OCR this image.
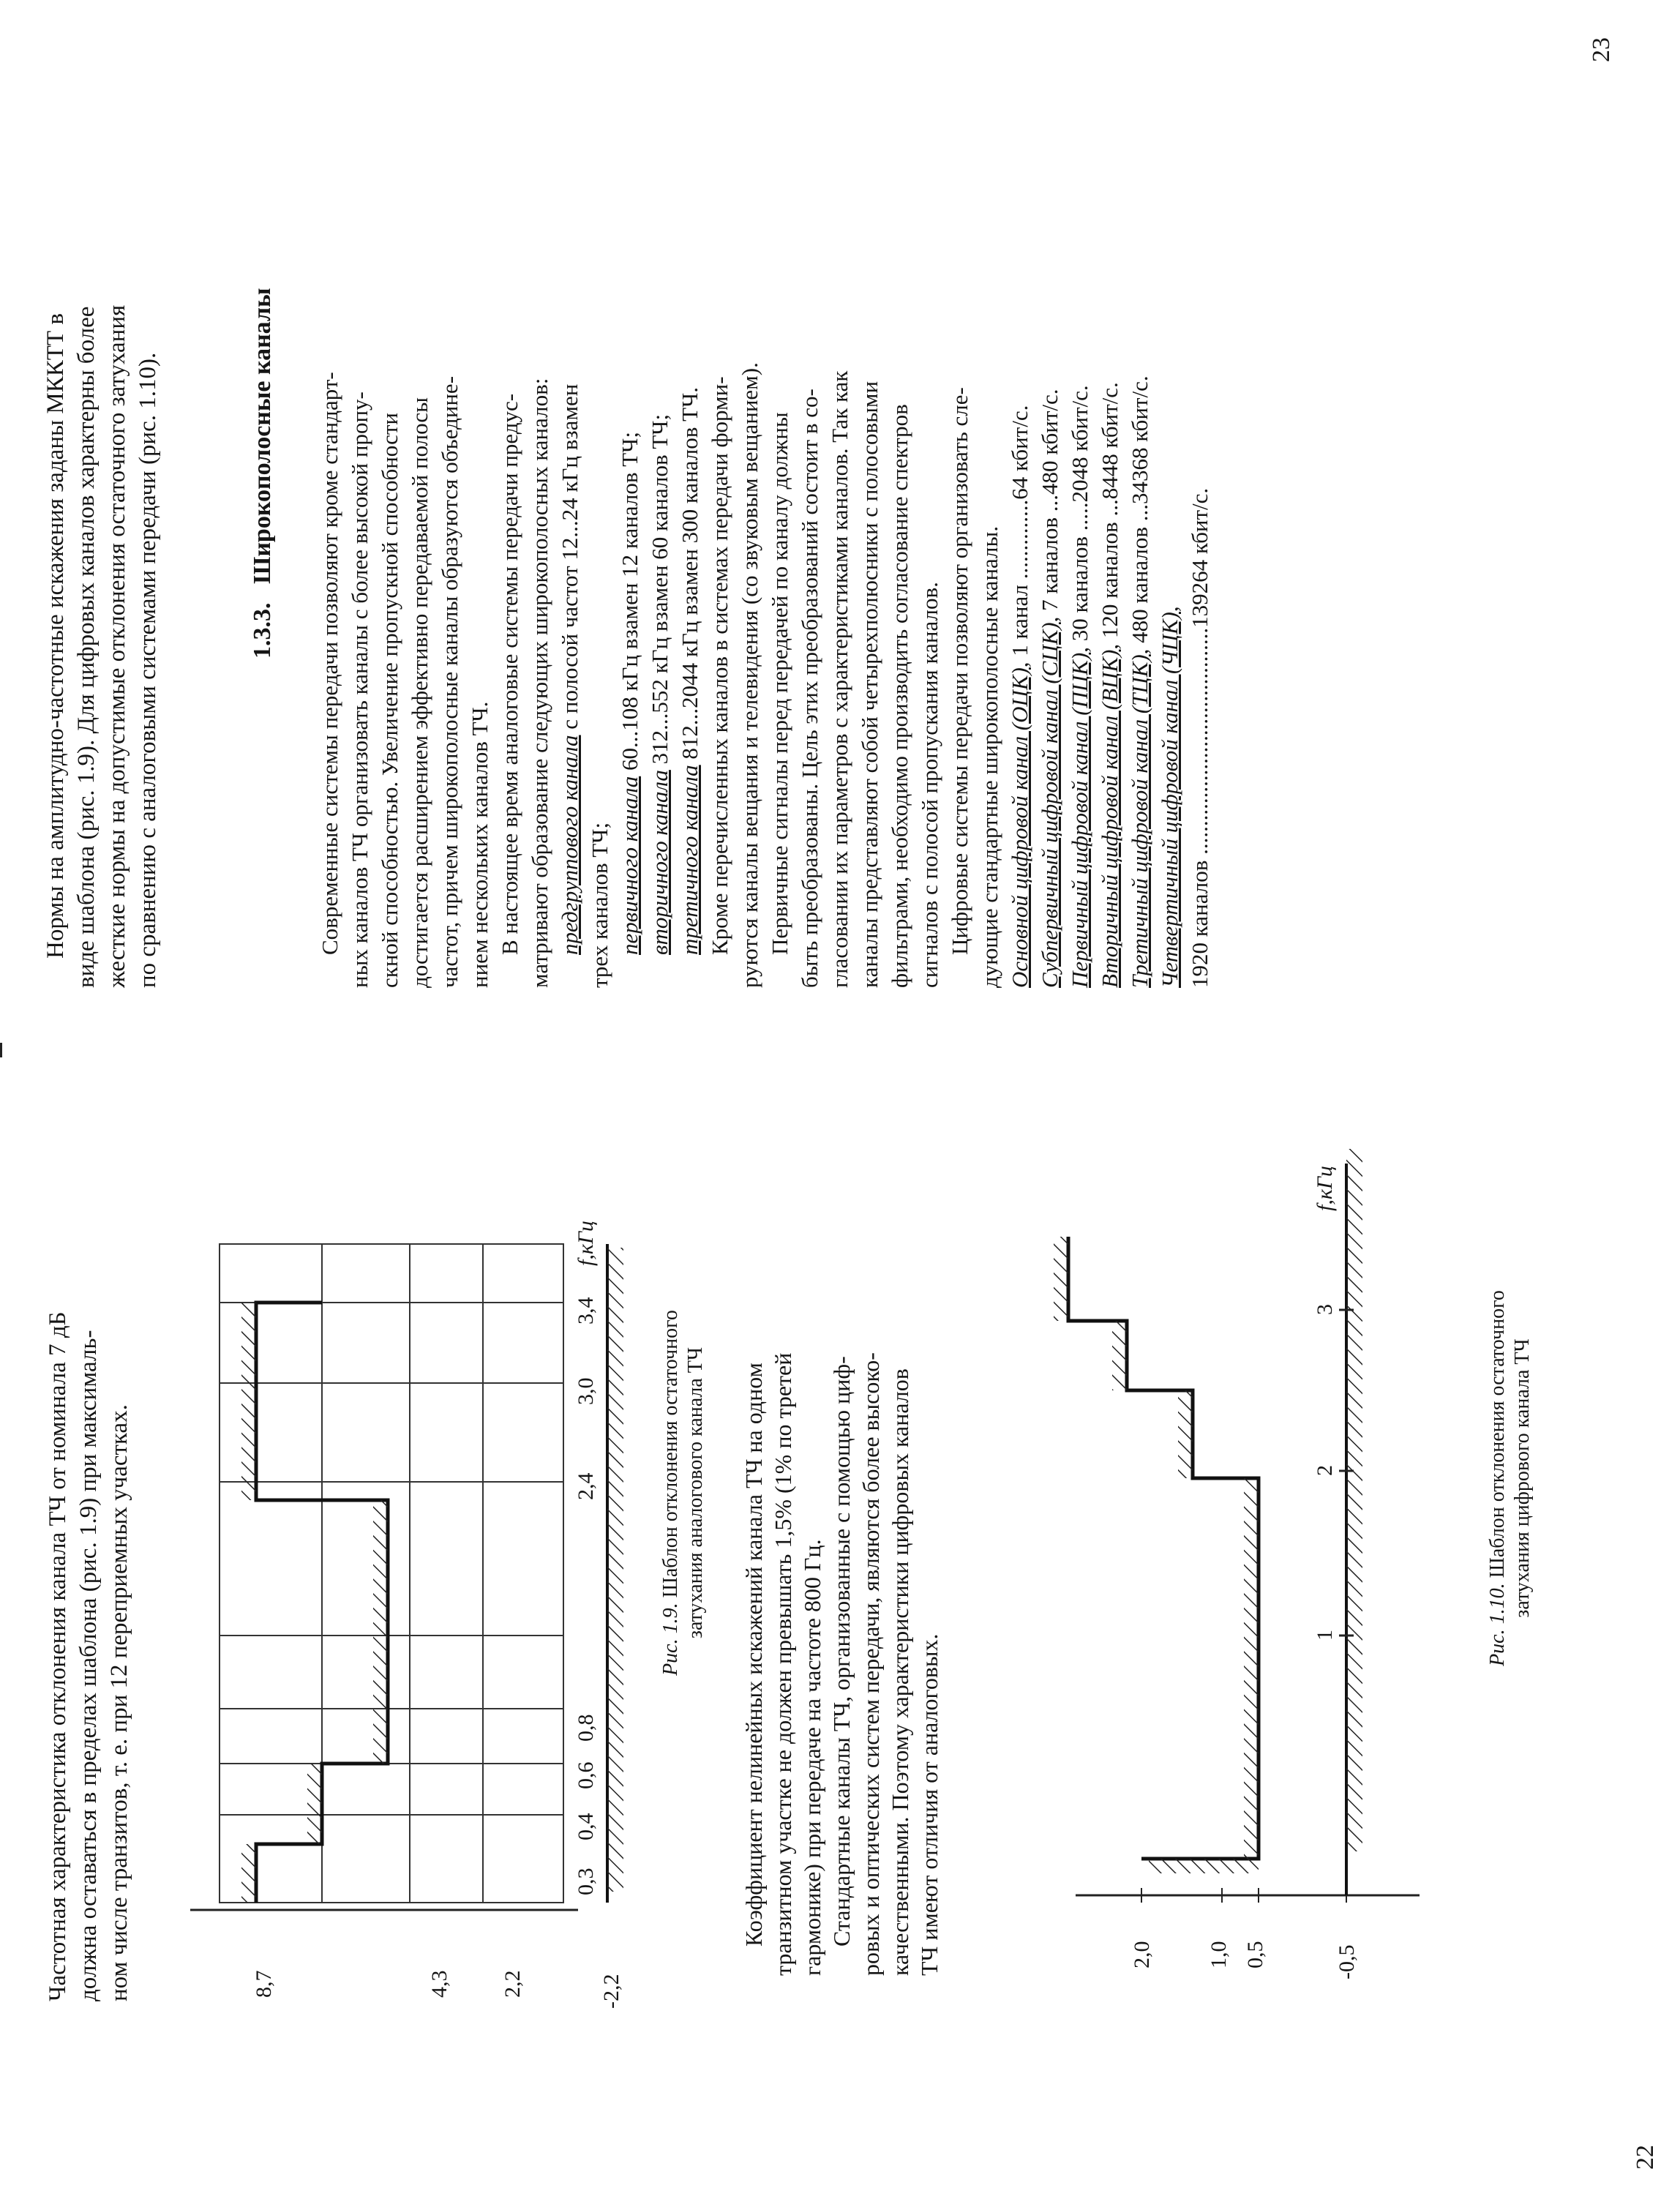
Частотная характеристика отклонения канала ТЧ от номинала 7 дБ должна оставаться в пределах шаблона (рис. 1.9) при максималь- ном числе транзитов, т. е. при 12 переприемных участках.	8,7	4,3 2,2	-2,2
0,3
0,4
0,6
0,8
2,4
3,0
3,4
f,кГц
Рис. 1.9. Шаблон отклонения остаточного затухания аналогового канала ТЧ Коэффициент нелинейных искажений канала ТЧ на одном транзитном участке не должен превышать 1,5% (1% по третей гармонике) при передаче на частоте 800 Гц. Стандартные каналы ТЧ, организованные с помощью циф- ровых и оптических систем передачи, являются более высоко- качественными. Поэтому характеристики цифровых каналов ТЧ имеют отличия от аналоговых.	2,0 1,0 0,5	-0,5
1
2
3
f,кГц
Рис. 1.10. Шаблон отклонения остаточного затухания цифрового канала ТЧ
22
Нормы на амплитудно-частотные искажения заданы МККТТ в виде шаблона (рис. 1.9). Для цифровых каналов характерны более жесткие нормы на допустимые отклонения остаточного затухания по сравнению с аналоговыми системами передачи (рис. 1.10).	1.3.3.   Широкополосные каналы Современные системы передачи позволяют кроме стандарт- ных каналов ТЧ организовать каналы с более высокой пропу- скной способностью. Увеличение пропускной способности достигается расширением эффективно передаваемой полосы частот, причем широкополосные каналы образуются объедине- нием нескольких каналов ТЧ. В настоящее время аналоговые системы передачи предус- матривают образование следующих широкополосных каналов: предгруппового канала с полосой частот 12...24 кГц взамен
трех каналов ТЧ; первичного канала 60...108 кГц взамен 12 каналов ТЧ;
вторичного канала 312...552 кГц взамен 60 каналов ТЧ;
третичного канала 812...2044 кГц взамен 300 каналов ТЧ. Кроме перечисленных каналов в системах передачи форми- руются каналы вещания и телевидения (со звуковым вещанием). Первичные сигналы перед передачей по каналу должны быть преобразованы. Цель этих преобразований состоит в со- гласовании их параметров с характеристиками каналов. Так как каналы представляют собой четырехполюсники с полосовыми фильтрами, необходимо производить согласование спектров сигналов с полосой пропускания каналов. Цифровые системы передачи позволяют организовать сле- дующие стандартные широкополосные каналы. Основной цифровой канал (ОЦК), 1 канал ..............64 кбит/с.
Субпервичный цифровой канал (СЦК), 7 каналов ...480 кбит/с.
Первичный цифровой канал (ПЦК), 30 каналов .....2048 кбит/с.
Вторичный цифровой канал (ВЦК), 120 каналов ...8448 кбит/с.
Третичный цифровой канал (ТЦК), 480 каналов ...34368 кбит/с.
Четвертичный цифровой канал (ЧЦК),
1920 каналов ........................................139264 кбит/с.
23
